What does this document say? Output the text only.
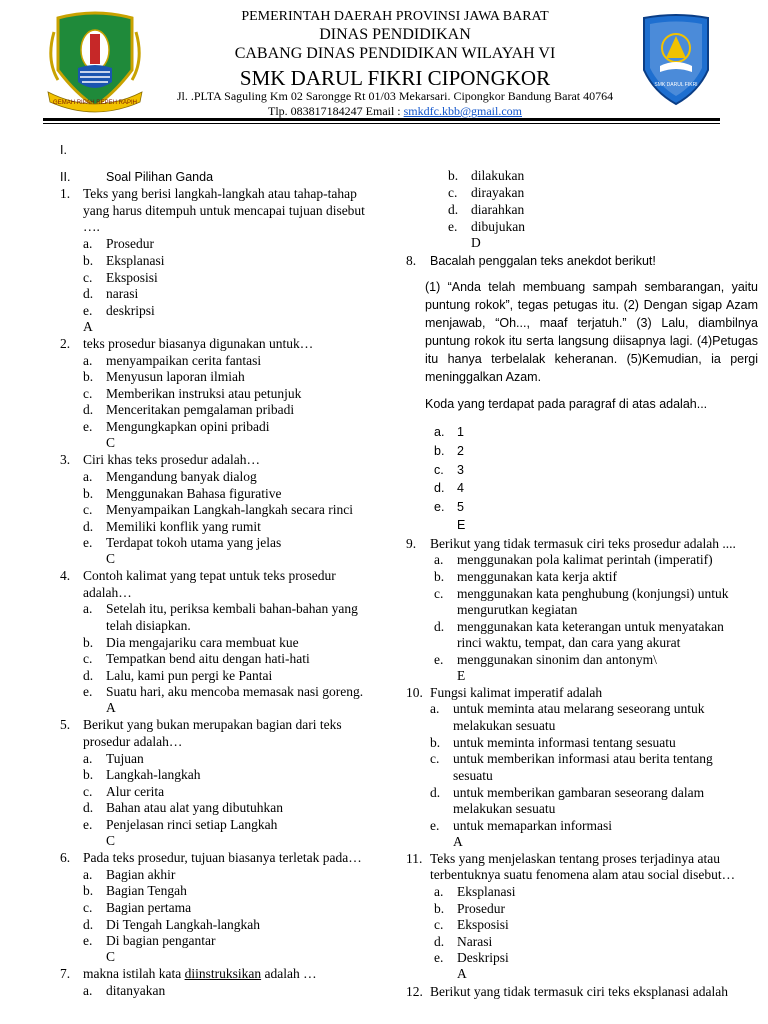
GEMAH RIPAH REPEH RAPIH
SMK DARUL FIKRI
PEMERINTAH DAERAH PROVINSI JAWA BARAT
DINAS PENDIDIKAN
CABANG DINAS PENDIDIKAN WILAYAH VI
SMK DARUL FIKRI CIPONGKOR
Jl. .PLTA Saguling Km 02 Sarongge Rt 01/03 Mekarsari. Cipongkor Bandung Barat 40764
Tlp. 083817184247 Email : smkdfc.kbb@gmail.com
I.
II.	Soal Pilihan Ganda
1. Teks yang berisi langkah-langkah atau tahap-tahap
yang harus ditempuh untuk mencapai tujuan disebut
….
a. Prosedur
b. Eksplanasi
c. Eksposisi
d. narasi
e. deskripsi
A
2. teks prosedur biasanya digunakan untuk…
a. menyampaikan cerita fantasi
b. Menyusun laporan ilmiah
c. Memberikan instruksi atau petunjuk
d. Menceritakan pemgalaman pribadi
e. Mengungkapkan opini pribadi
C
3. Ciri khas teks prosedur adalah…
a. Mengandung banyak dialog
b. Menggunakan Bahasa figurative
c. Menyampaikan Langkah-langkah secara rinci
d. Memiliki konflik yang rumit
e. Terdapat tokoh utama yang jelas
C
4. Contoh kalimat yang tepat untuk teks prosedur
adalah…
a. Setelah itu, periksa kembali bahan-bahan yang
telah disiapkan.
b. Dia mengajariku cara membuat kue
c. Tempatkan bend aitu dengan hati-hati
d. Lalu, kami pun pergi ke Pantai
e. Suatu hari, aku mencoba memasak nasi goreng.
A
5. Berikut yang bukan merupakan bagian dari teks
prosedur adalah…
a. Tujuan
b. Langkah-langkah
c. Alur cerita
d. Bahan atau alat yang dibutuhkan
e. Penjelasan rinci setiap Langkah
C
6. Pada teks prosedur, tujuan biasanya terletak pada…
a. Bagian akhir
b. Bagian Tengah
c. Bagian pertama
d. Di Tengah Langkah-langkah
e. Di bagian pengantar
C
7. makna istilah kata diinstruksikan adalah …
a. ditanyakan
b. dilakukan
c. dirayakan
d. diarahkan
e. dibujukan
D
8. Bacalah penggalan teks anekdot berikut!
(1) “Anda telah membuang sampah sembarangan, yaitu puntung rokok”, tegas petugas itu. (2) Dengan sigap Azam menjawab, “Oh..., maaf terjatuh.” (3) Lalu, diambilnya puntung rokok itu serta langsung diisapnya lagi. (4)Petugas itu hanya terbelalak keheranan. (5)Kemudian, ia pergi meninggalkan Azam.
Koda yang terdapat pada paragraf di atas adalah...
a. 1
b. 2
c. 3
d. 4
e. 5
E
9. Berikut yang tidak termasuk ciri teks prosedur adalah ....
a. menggunakan pola kalimat perintah (imperatif)
b. menggunakan kata kerja aktif
c. menggunakan kata penghubung (konjungsi) untuk
mengurutkan kegiatan
d. menggunakan kata keterangan untuk menyatakan
rinci waktu, tempat, dan cara yang akurat
e. menggunakan sinonim dan antonym\
E
10. Fungsi kalimat imperatif adalah
a. untuk meminta atau melarang seseorang untuk
melakukan sesuatu
b. untuk meminta informasi tentang sesuatu
c. untuk memberikan informasi atau berita tentang
sesuatu
d. untuk memberikan gambaran seseorang dalam
melakukan sesuatu
e. untuk memaparkan informasi
A
11. Teks yang menjelaskan tentang proses terjadinya atau
terbentuknya suatu fenomena alam atau social disebut…
a. Eksplanasi
b. Prosedur
c. Eksposisi
d. Narasi
e. Deskripsi
A
12. Berikut yang tidak termasuk ciri teks eksplanasi adalah
